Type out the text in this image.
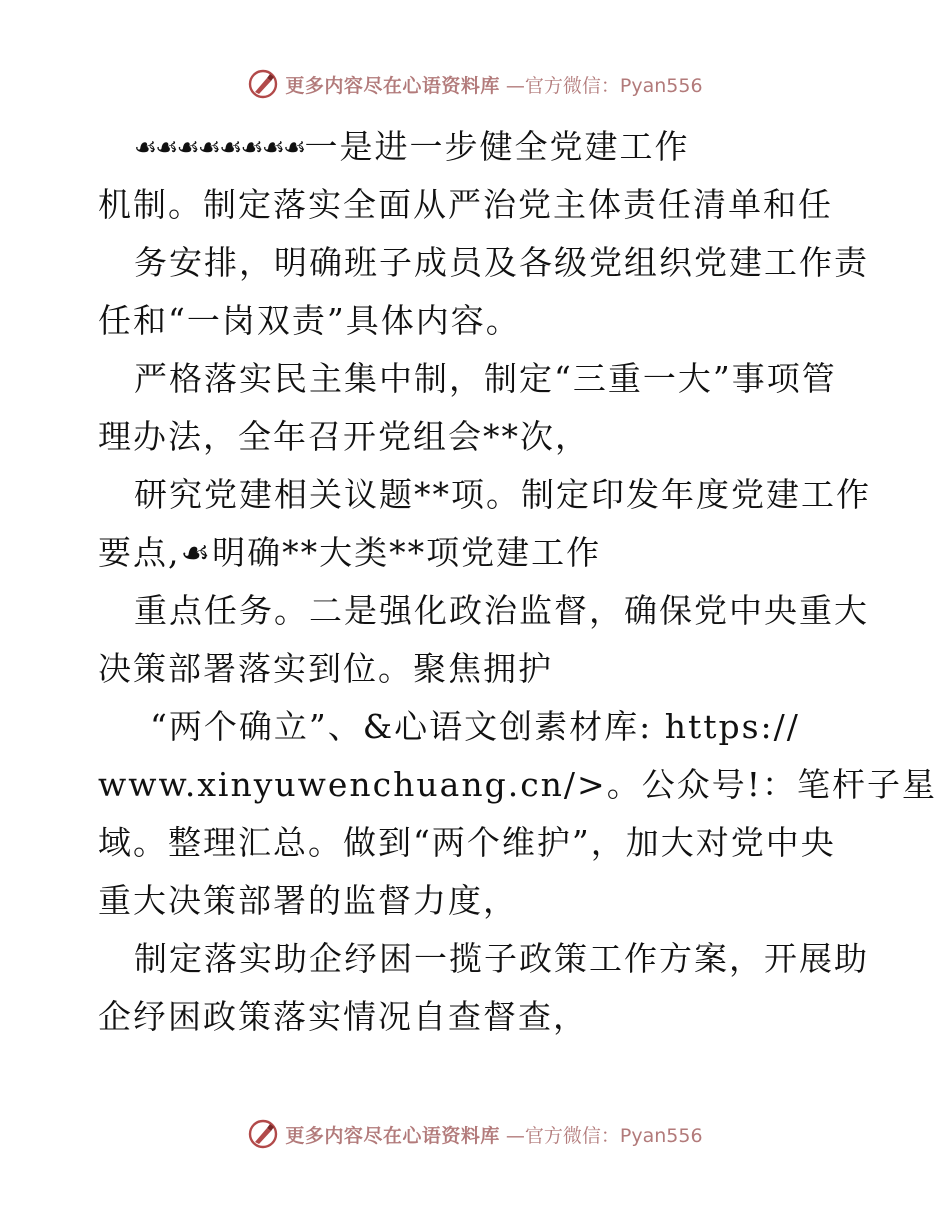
更多内容尽在心语资料库 —官方微信：Pyan556
☙☙☙☙☙☙☙☙一是进一步健全党建工作
机制。制定落实全面从严治党主体责任清单和任
务安排，明确班子成员及各级党组织党建工作责
任和“一岗双责”具体内容。
严格落实民主集中制，制定“三重一大”事项管
理办法，全年召开党组会**次，
研究党建相关议题**项。制定印发年度党建工作
要点,☙明确**大类**项党建工作
重点任务。二是强化政治监督，确保党中央重大
决策部署落实到位。聚焦拥护
“两个确立”、&心语文创素材库: https://
www.xinyuwenchuang.cn/>。公众号!：笔杆子星
域。整理汇总。做到“两个维护”，加大对党中央
重大决策部署的监督力度，
制定落实助企纾困一揽子政策工作方案，开展助
企纾困政策落实情况自查督查，
更多内容尽在心语资料库 —官方微信：Pyan556
